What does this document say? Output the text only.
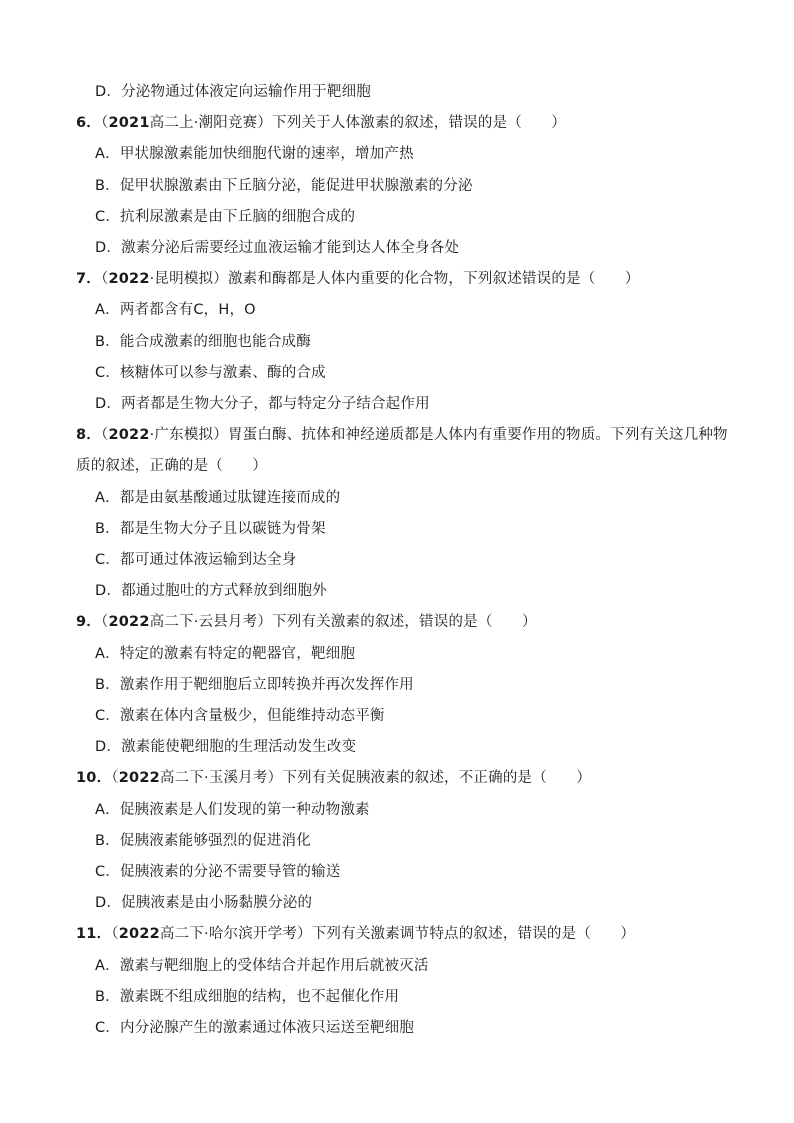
D．分泌物通过体液定向运输作用于靶细胞
6．（2021高二上·潮阳竞赛）下列关于人体激素的叙述，错误的是（　　）
A．甲状腺激素能加快细胞代谢的速率，增加产热
B．促甲状腺激素由下丘脑分泌，能促进甲状腺激素的分泌
C．抗利尿激素是由下丘脑的细胞合成的
D．激素分泌后需要经过血液运输才能到达人体全身各处
7．（2022·昆明模拟）激素和酶都是人体内重要的化合物，下列叙述错误的是（　　）
A．两者都含有C，H，O
B．能合成激素的细胞也能合成酶
C．核糖体可以参与激素、酶的合成
D．两者都是生物大分子，都与特定分子结合起作用
8．（2022·广东模拟）胃蛋白酶、抗体和神经递质都是人体内有重要作用的物质。下列有关这几种物
质的叙述，正确的是（　　）
A．都是由氨基酸通过肽键连接而成的
B．都是生物大分子且以碳链为骨架
C．都可通过体液运输到达全身
D．都通过胞吐的方式释放到细胞外
9．（2022高二下·云县月考）下列有关激素的叙述，错误的是（　　）
A．特定的激素有特定的靶器官，靶细胞
B．激素作用于靶细胞后立即转换并再次发挥作用
C．激素在体内含量极少，但能维持动态平衡
D．激素能使靶细胞的生理活动发生改变
10．（2022高二下·玉溪月考）下列有关促胰液素的叙述，不正确的是（　　）
A．促胰液素是人们发现的第一种动物激素
B．促胰液素能够强烈的促进消化
C．促胰液素的分泌不需要导管的输送
D．促胰液素是由小肠黏膜分泌的
11．（2022高二下·哈尔滨开学考）下列有关激素调节特点的叙述，错误的是（　　）
A．激素与靶细胞上的受体结合并起作用后就被灭活
B．激素既不组成细胞的结构，也不起催化作用
C．内分泌腺产生的激素通过体液只运送至靶细胞
